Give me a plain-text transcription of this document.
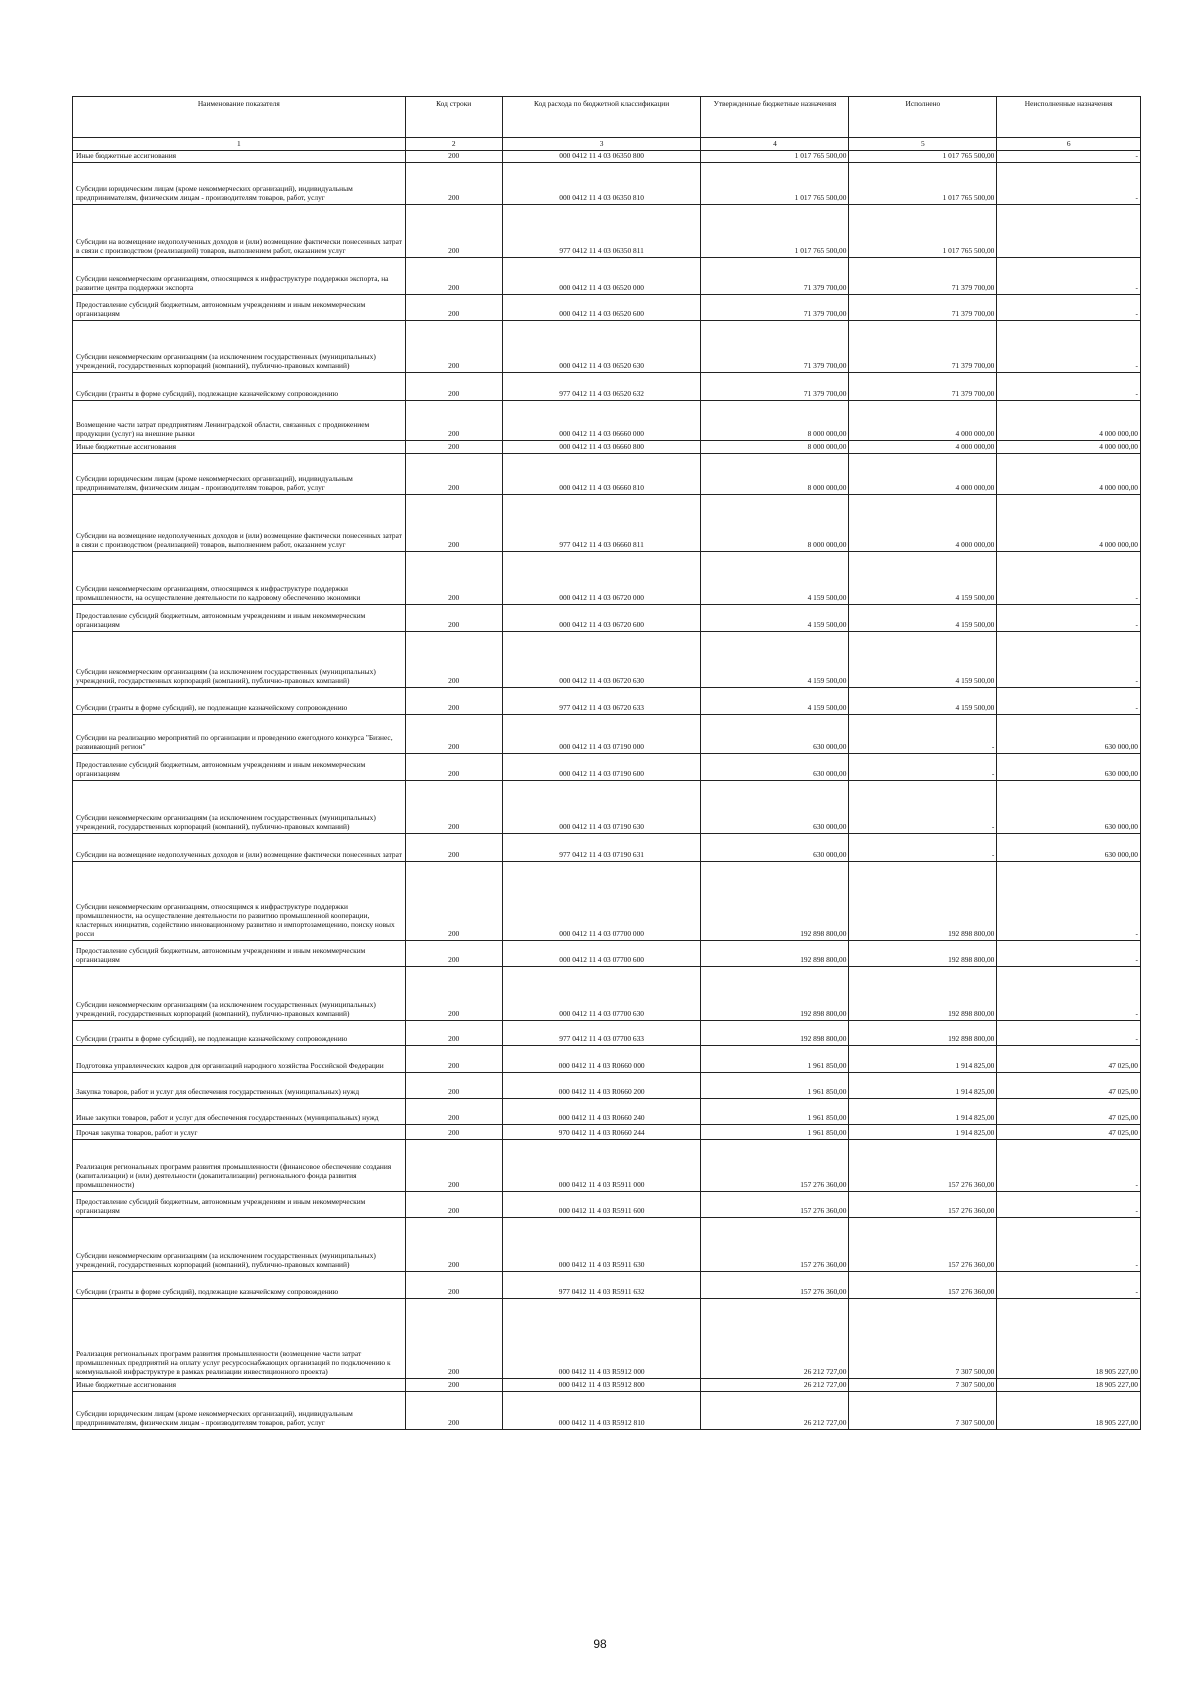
Наименование показателя	Код строки	Код расхода по бюджетной классификации	Утвержденные бюджетные назначения	Исполнено	Неисполненные назначения
1	2	3	4	5	6
Иные бюджетные ассигнования	200	000 0412 11 4 03 06350 800	1 017 765 500,00	1 017 765 500,00	-
Субсидии юридическим лицам (кроме некоммерческих организаций), индивидуальным предпринимателям, физическим лицам - производителям товаров, работ, услуг	200	000 0412 11 4 03 06350 810	1 017 765 500,00	1 017 765 500,00	-
Субсидии на возмещение недополученных доходов и (или) возмещение фактически понесенных затрат в связи с производством (реализацией) товаров, выполнением работ, оказанием услуг	200	977 0412 11 4 03 06350 811	1 017 765 500,00	1 017 765 500,00	
Субсидии некоммерческим организациям, относящимся к инфраструктуре поддержки экспорта, на развитие центра поддержки экспорта	200	000 0412 11 4 03 06520 000	71 379 700,00	71 379 700,00	-
Предоставление субсидий бюджетным, автономным учреждениям и иным некоммерческим организациям	200	000 0412 11 4 03 06520 600	71 379 700,00	71 379 700,00	-
Субсидии некоммерческим организациям (за исключением государственных (муниципальных) учреждений, государственных корпораций (компаний), публично-правовых компаний)	200	000 0412 11 4 03 06520 630	71 379 700,00	71 379 700,00	-
Субсидии (гранты в форме субсидий), подлежащие казначейскому сопровождению	200	977 0412 11 4 03 06520 632	71 379 700,00	71 379 700,00	-
Возмещение части затрат предприятиям Ленинградской области, связанных с продвижением продукции (услуг) на внешние рынки	200	000 0412 11 4 03 06660 000	8 000 000,00	4 000 000,00	4 000 000,00
Иные бюджетные ассигнования	200	000 0412 11 4 03 06660 800	8 000 000,00	4 000 000,00	4 000 000,00
Субсидии юридическим лицам (кроме некоммерческих организаций), индивидуальным предпринимателям, физическим лицам - производителям товаров, работ, услуг	200	000 0412 11 4 03 06660 810	8 000 000,00	4 000 000,00	4 000 000,00
Субсидии на возмещение недополученных доходов и (или) возмещение фактически понесенных затрат в связи с производством (реализацией) товаров, выполнением работ, оказанием услуг	200	977 0412 11 4 03 06660 811	8 000 000,00	4 000 000,00	4 000 000,00
Субсидии некоммерческим организациям, относящимся к инфраструктуре поддержки промышленности, на осуществление деятельности по кадровому обеспечению экономики	200	000 0412 11 4 03 06720 000	4 159 500,00	4 159 500,00	-
Предоставление субсидий бюджетным, автономным учреждениям и иным некоммерческим организациям	200	000 0412 11 4 03 06720 600	4 159 500,00	4 159 500,00	-
Субсидии некоммерческим организациям (за исключением государственных (муниципальных) учреждений, государственных корпораций (компаний), публично-правовых компаний)	200	000 0412 11 4 03 06720 630	4 159 500,00	4 159 500,00	-
Субсидии (гранты в форме субсидий), не подлежащие казначейскому сопровождению	200	977 0412 11 4 03 06720 633	4 159 500,00	4 159 500,00	-
Субсидии на реализацию мероприятий по организации и проведению ежегодного конкурса "Бизнес, развивающий регион"	200	000 0412 11 4 03 07190 000	630 000,00	-	630 000,00
Предоставление субсидий бюджетным, автономным учреждениям и иным некоммерческим организациям	200	000 0412 11 4 03 07190 600	630 000,00	-	630 000,00
Субсидии некоммерческим организациям (за исключением государственных (муниципальных) учреждений, государственных корпораций (компаний), публично-правовых компаний)	200	000 0412 11 4 03 07190 630	630 000,00	-	630 000,00
Субсидии на возмещение недополученных доходов и (или) возмещение фактически понесенных затрат	200	977 0412 11 4 03 07190 631	630 000,00	-	630 000,00
Субсидии некоммерческим организациям, относящимся к инфраструктуре поддержки промышленности, на осуществление деятельности по развитию промышленной кооперации, кластерных инициатив, содействию инновационному развитию и импортозамещению, поиску новых росси	200	000 0412 11 4 03 07700 000	192 898 800,00	192 898 800,00	-
Предоставление субсидий бюджетным, автономным учреждениям и иным некоммерческим организациям	200	000 0412 11 4 03 07700 600	192 898 800,00	192 898 800,00	-
Субсидии некоммерческим организациям (за исключением государственных (муниципальных) учреждений, государственных корпораций (компаний), публично-правовых компаний)	200	000 0412 11 4 03 07700 630	192 898 800,00	192 898 800,00	-
Субсидии (гранты в форме субсидий), не подлежащие казначейскому сопровождению	200	977 0412 11 4 03 07700 633	192 898 800,00	192 898 800,00	-
Подготовка управленческих кадров для организаций народного хозяйства Российской Федерации	200	000 0412 11 4 03 R0660 000	1 961 850,00	1 914 825,00	47 025,00
Закупка товаров, работ и услуг для обеспечения государственных (муниципальных) нужд	200	000 0412 11 4 03 R0660 200	1 961 850,00	1 914 825,00	47 025,00
Иные закупки товаров, работ и услуг для обеспечения государственных (муниципальных) нужд	200	000 0412 11 4 03 R0660 240	1 961 850,00	1 914 825,00	47 025,00
Прочая закупка товаров, работ и услуг	200	970 0412 11 4 03 R0660 244	1 961 850,00	1 914 825,00	47 025,00
Реализация региональных программ развития промышленности (финансовое обеспечение создания (капитализации) и (или) деятельности (докапитализации) регионального фонда развития промышленности)	200	000 0412 11 4 03 R5911 000	157 276 360,00	157 276 360,00	-
Предоставление субсидий бюджетным, автономным учреждениям и иным некоммерческим организациям	200	000 0412 11 4 03 R5911 600	157 276 360,00	157 276 360,00	-
Субсидии некоммерческим организациям (за исключением государственных (муниципальных) учреждений, государственных корпораций (компаний), публично-правовых компаний)	200	000 0412 11 4 03 R5911 630	157 276 360,00	157 276 360,00	-
Субсидии (гранты в форме субсидий), подлежащие казначейскому сопровождению	200	977 0412 11 4 03 R5911 632	157 276 360,00	157 276 360,00	-
Реализация региональных программ развития промышленности (возмещение части затрат промышленных предприятий на оплату услуг ресурсоснабжающих организаций по подключению к коммунальной инфраструктуре в рамках реализации инвестиционного проекта)	200	000 0412 11 4 03 R5912 000	26 212 727,00	7 307 500,00	18 905 227,00
Иные бюджетные ассигнования	200	000 0412 11 4 03 R5912 800	26 212 727,00	7 307 500,00	18 905 227,00
Субсидии юридическим лицам (кроме некоммерческих организаций), индивидуальным предпринимателям, физическим лицам - производителям товаров, работ, услуг	200	000 0412 11 4 03 R5912 810	26 212 727,00	7 307 500,00	18 905 227,00
98
